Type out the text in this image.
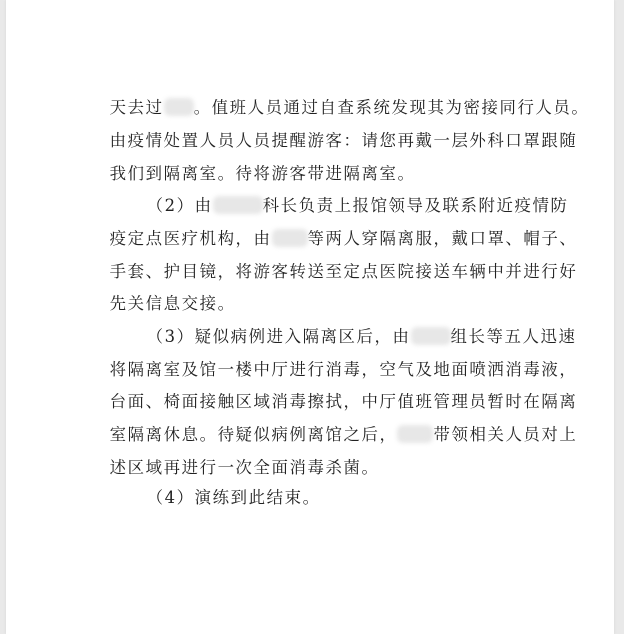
天去过 。值班人员通过自查系统发现其为密接同行人员。

由疫情处置人员人员提醒游客：请您再戴一层外科口罩跟随

我们到隔离室。待将游客带进隔离室。

（2）由	科长负责上报馆领导及联系附近疫情防

疫定点医疗机构，由 等两人穿隔离服，戴口罩、帽子、

手套、护目镜，将游客转送至定点医院接送车辆中并进行好

先关信息交接。

（3）疑似病例进入隔离区后，由 组长等五人迅速

将隔离室及馆一楼中厅进行消毒，空气及地面喷洒消毒液，

台面、椅面接触区域消毒擦拭，中厅值班管理员暂时在隔离

室隔离休息。待疑似病例离馆之后， 带领相关人员对上

述区域再进行一次全面消毒杀菌。

（4）演练到此结束。
